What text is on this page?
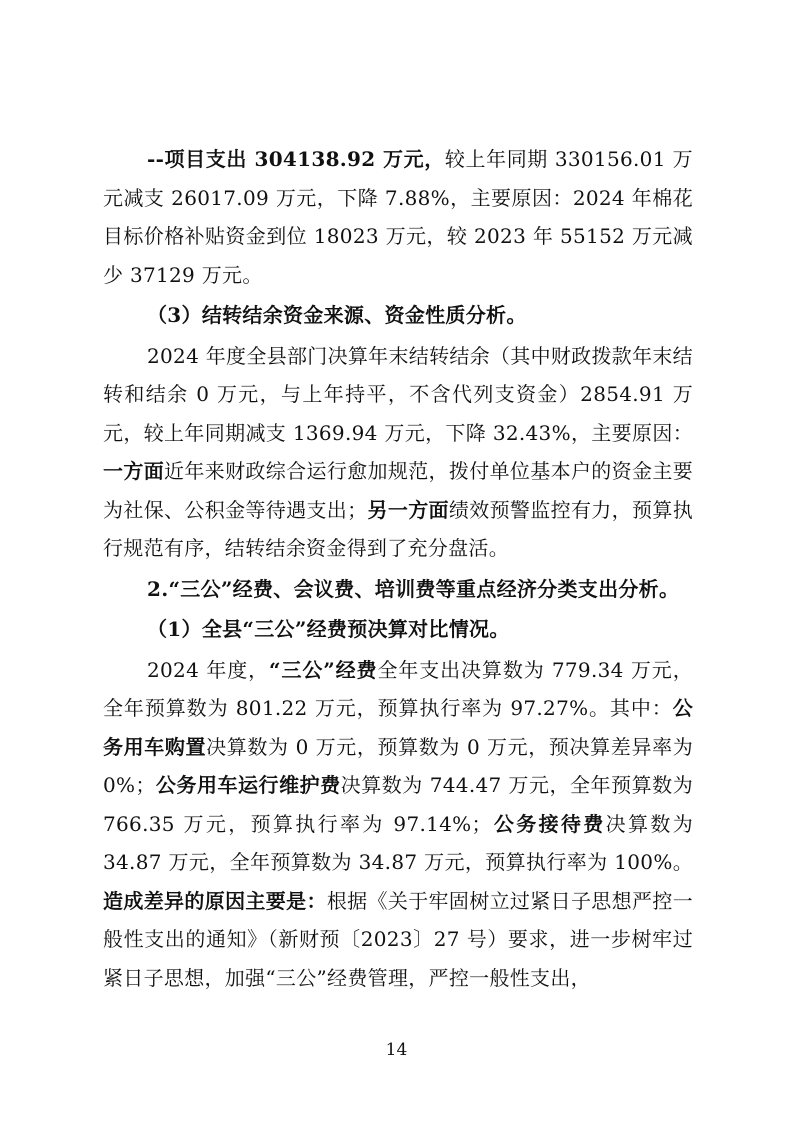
--项目支出 304138.92 万元，较上年同期 330156.01 万元减支 26017.09 万元，下降 7.88%，主要原因：2024 年棉花目标价格补贴资金到位 18023 万元，较 2023 年 55152 万元减少 37129 万元。

（3）结转结余资金来源、资金性质分析。

2024 年度全县部门决算年末结转结余（其中财政拨款年末结转和结余 0 万元，与上年持平，不含代列支资金）2854.91 万元，较上年同期减支 1369.94 万元，下降 32.43%，主要原因：一方面近年来财政综合运行愈加规范，拨付单位基本户的资金主要为社保、公积金等待遇支出；另一方面绩效预警监控有力，预算执行规范有序，结转结余资金得到了充分盘活。

2.“三公”经费、会议费、培训费等重点经济分类支出分析。

（1）全县“三公”经费预决算对比情况。

2024 年度，“三公”经费全年支出决算数为 779.34 万元，全年预算数为 801.22 万元，预算执行率为 97.27%。其中：公务用车购置决算数为 0 万元，预算数为 0 万元，预决算差异率为 0%；公务用车运行维护费决算数为 744.47 万元，全年预算数为 766.35 万元，预算执行率为 97.14%；公务接待费决算数为 34.87 万元，全年预算数为 34.87 万元，预算执行率为 100%。造成差异的原因主要是：根据《关于牢固树立过紧日子思想严控一般性支出的通知》（新财预〔2023〕27 号）要求，进一步树牢过紧日子思想，加强“三公”经费管理，严控一般性支出，

14
